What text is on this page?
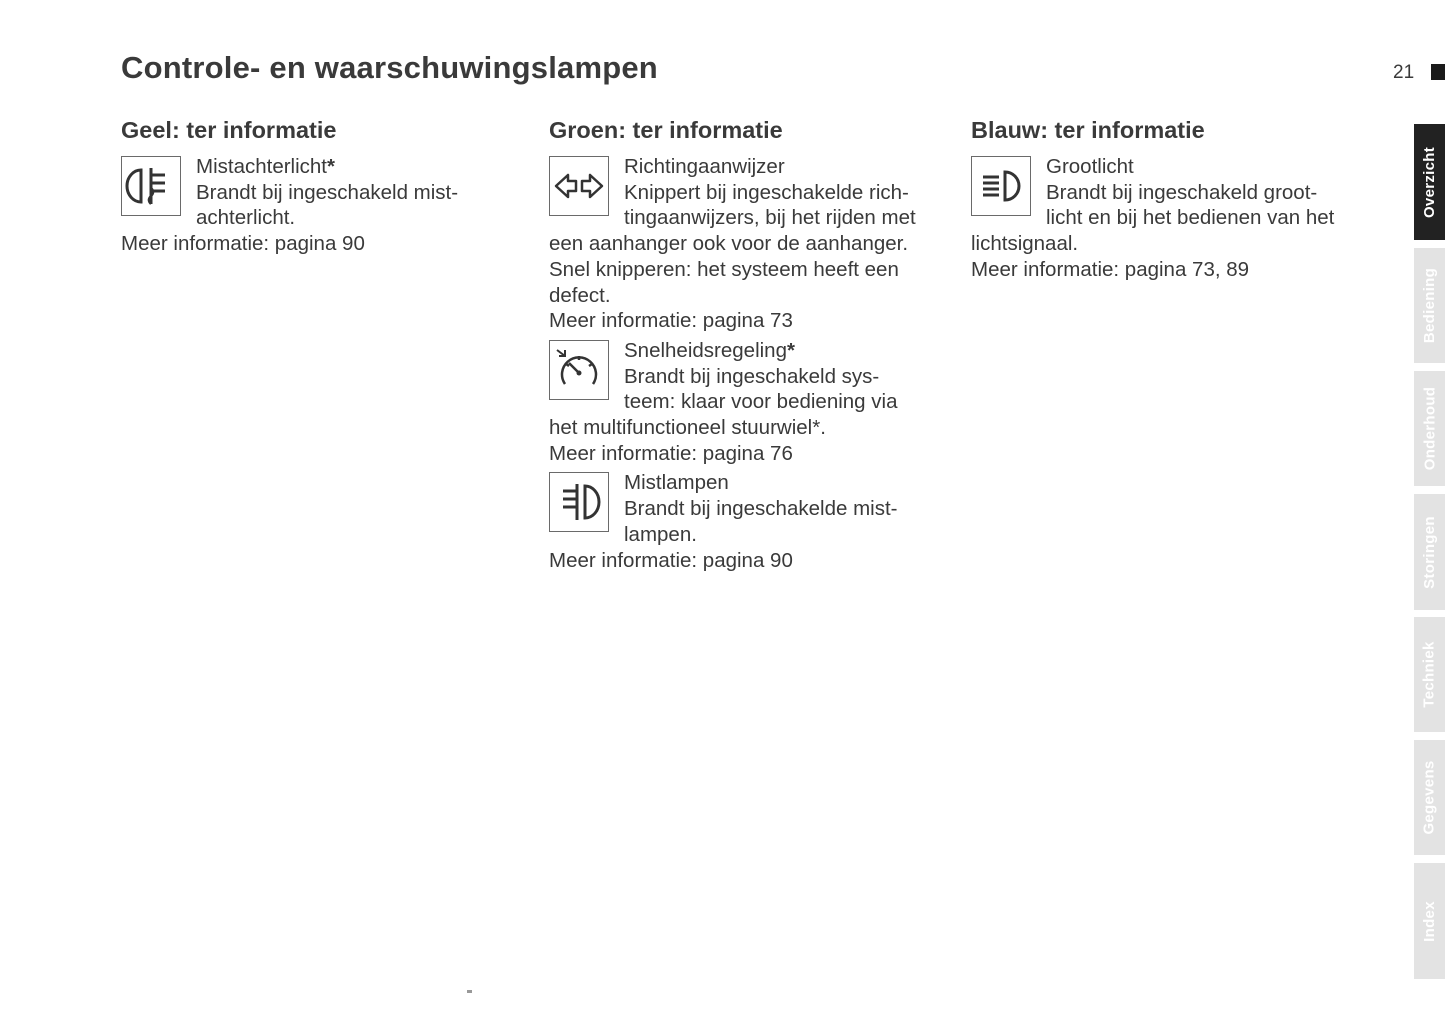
Controle- en waarschuwingslampen	21
Geel: ter informatie
Mistachterlicht*
Brandt bij ingeschakeld mist-
achterlicht.
Meer informatie: pagina 90
Groen: ter informatie
Richtingaanwijzer
Knippert bij ingeschakelde rich-
tingaanwijzers, bij het rijden met
een aanhanger ook voor de aanhanger.
Snel knipperen: het systeem heeft een
defect.
Meer informatie: pagina 73
Snelheidsregeling*
Brandt bij ingeschakeld sys-
teem: klaar voor bediening via
het multifunctioneel stuurwiel*.
Meer informatie: pagina 76
Mistlampen
Brandt bij ingeschakelde mist-
lampen.
Meer informatie: pagina 90
Blauw: ter informatie
Grootlicht
Brandt bij ingeschakeld groot-
licht en bij het bedienen van het
lichtsignaal.
Meer informatie: pagina 73, 89
Overzicht
Bediening
Onderhoud
Storingen
Techniek
Gegevens
Index
